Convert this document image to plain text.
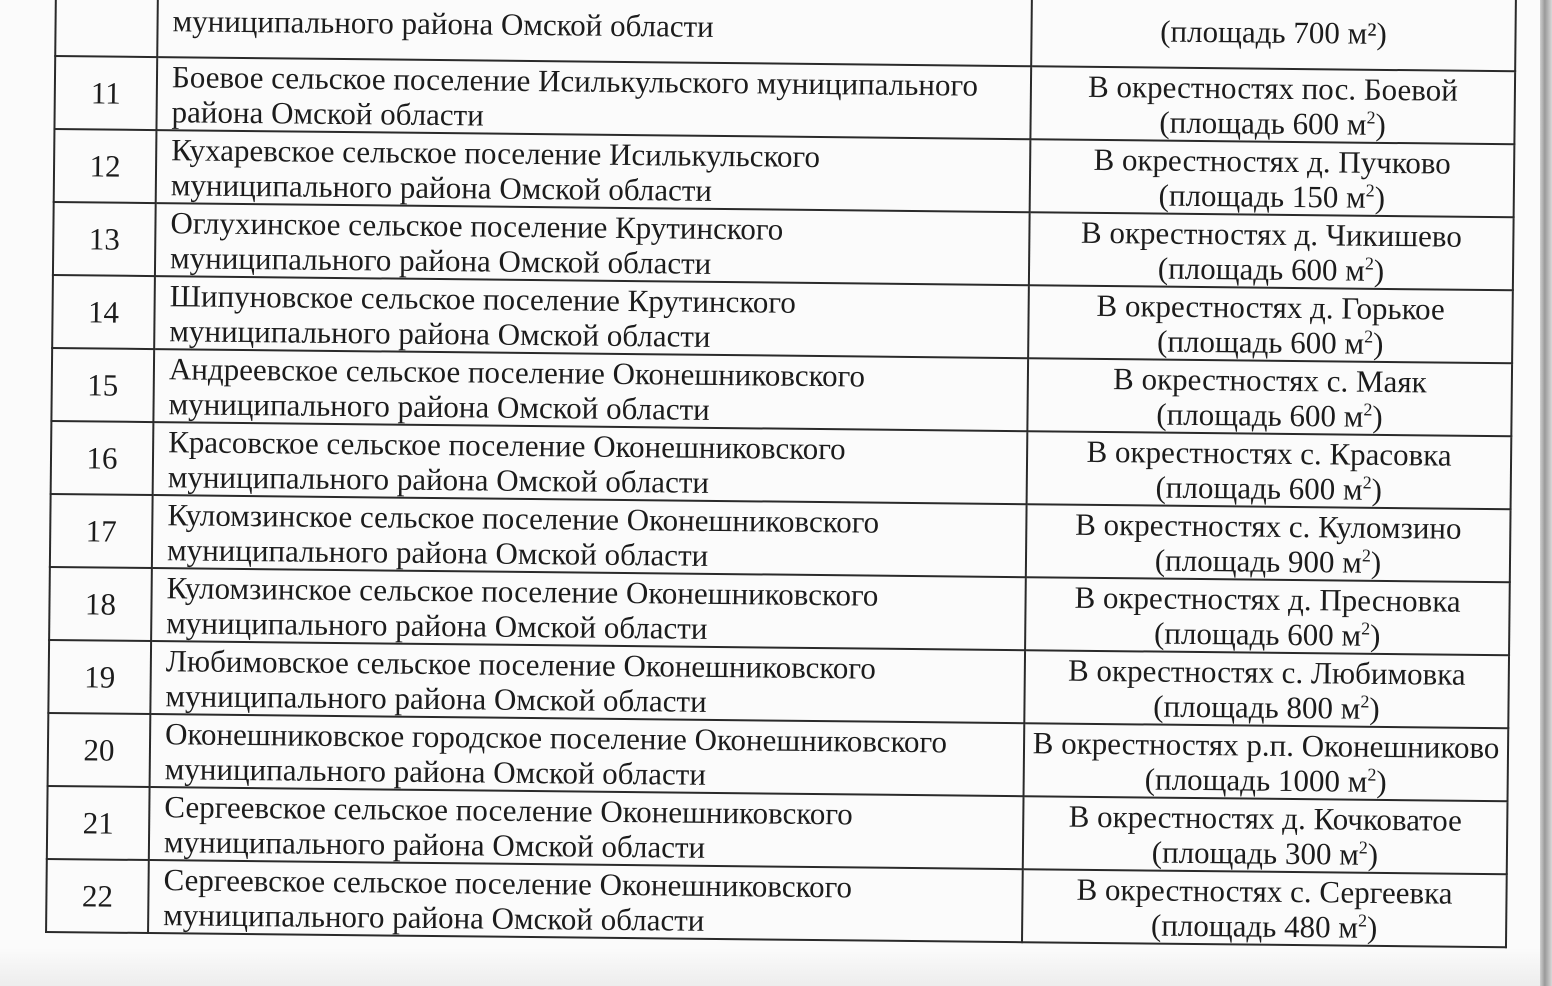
	муниципального района Омской области	(площадь 700 м²)
11	Боевое сельское поселение Исилькульского муниципального
района Омской области	В окрестностях пос. Боевой
(площадь 600 $м^2$)
12	Кухаревское сельское поселение Исилькульского
муниципального района Омской области	В окрестностях д. Пучково
(площадь 150 $м^2$)
13	Оглухинское сельское поселение Крутинского
муниципального района Омской области	В окрестностях д. Чикишево
(площадь 600 $м^2$)
14	Шипуновское сельское поселение Крутинского
муниципального района Омской области	В окрестностях д. Горькое
(площадь 600 $м^2$)
15	Андреевское сельское поселение Оконешниковского
муниципального района Омской области	В окрестностях с. Маяк
(площадь 600 $м^2$)
16	Красовское сельское поселение Оконешниковского
муниципального района Омской области	В окрестностях с. Красовка
(площадь 600 $м^2$)
17	Куломзинское сельское поселение Оконешниковского
муниципального района Омской области	В окрестностях с. Куломзино
(площадь 900 $м^2$)
18	Куломзинское сельское поселение Оконешниковского
муниципального района Омской области	В окрестностях д. Пресновка
(площадь 600 $м^2$)
19	Любимовское сельское поселение Оконешниковского
муниципального района Омской области	В окрестностях с. Любимовка
(площадь 800 $м^2$)
20	Оконешниковское городское поселение Оконешниковского
муниципального района Омской области	В окрестностях р.п. Оконешниково
(площадь 1000 $м^2$)
21	Сергеевское сельское поселение Оконешниковского
муниципального района Омской области	В окрестностях д. Кочковатое
(площадь 300 $м^2$)
22	Сергеевское сельское поселение Оконешниковского
муниципального района Омской области	В окрестностях с. Сергеевка
(площадь 480 $м^2$)
